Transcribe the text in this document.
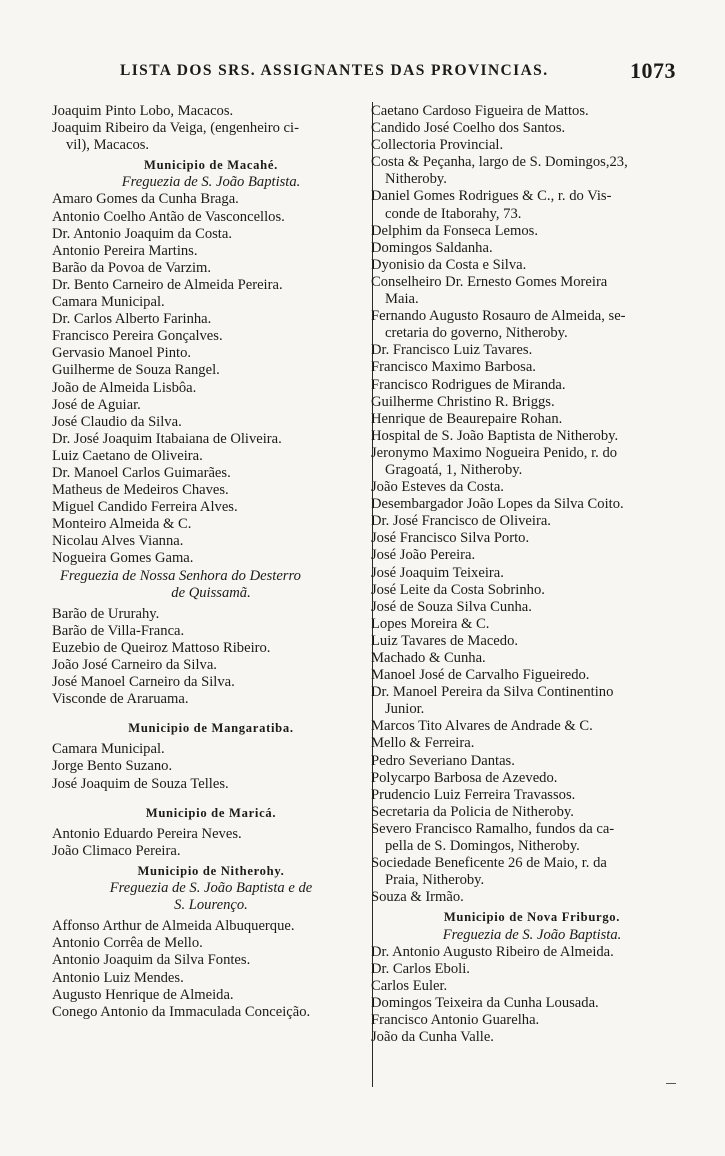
LISTA DOS SRS. ASSIGNANTES DAS PROVINCIAS.	1073
Joaquim Pinto Lobo, Macacos.
Joaquim Ribeiro da Veiga, (engenheiro ci-
vil), Macacos.
Municipio de Macahé.
Freguezia de S. João Baptista.
Amaro Gomes da Cunha Braga.
Antonio Coelho Antão de Vasconcellos.
Dr. Antonio Joaquim da Costa.
Antonio Pereira Martins.
Barão da Povoa de Varzim.
Dr. Bento Carneiro de Almeida Pereira.
Camara Municipal.
Dr. Carlos Alberto Farinha.
Francisco Pereira Gonçalves.
Gervasio Manoel Pinto.
Guilherme de Souza Rangel.
João de Almeida Lisbôa.
José de Aguiar.
José Claudio da Silva.
Dr. José Joaquim Itabaiana de Oliveira.
Luiz Caetano de Oliveira.
Dr. Manoel Carlos Guimarães.
Matheus de Medeiros Chaves.
Miguel Candido Ferreira Alves.
Monteiro Almeida & C.
Nicolau Alves Vianna.
Nogueira Gomes Gama.
Freguezia de Nossa Senhora do Desterro
de Quissamã.
Barão de Ururahy.
Barão de Villa-Franca.
Euzebio de Queiroz Mattoso Ribeiro.
João José Carneiro da Silva.
José Manoel Carneiro da Silva.
Visconde de Araruama.
Municipio de Mangaratiba.
Camara Municipal.
Jorge Bento Suzano.
José Joaquim de Souza Telles.
Municipio de Maricá.
Antonio Eduardo Pereira Neves.
João Climaco Pereira.
Municipio de Nitherohy.
Freguezia de S. João Baptista e de
S. Lourenço.
Affonso Arthur de Almeida Albuquerque.
Antonio Corrêa de Mello.
Antonio Joaquim da Silva Fontes.
Antonio Luiz Mendes.
Augusto Henrique de Almeida.
Conego Antonio da Immaculada Conceição.
Caetano Cardoso Figueira de Mattos.
Candido José Coelho dos Santos.
Collectoria Provincial.
Costa & Peçanha, largo de S. Domingos,23,
Nitheroby.
Daniel Gomes Rodrigues & C., r. do Vis-
conde de Itaborahy, 73.
Delphim da Fonseca Lemos.
Domingos Saldanha.
Dyonisio da Costa e Silva.
Conselheiro Dr. Ernesto Gomes Moreira
Maia.
Fernando Augusto Rosauro de Almeida, se-
cretaria do governo, Nitheroby.
Dr. Francisco Luiz Tavares.
Francisco Maximo Barbosa.
Francisco Rodrigues de Miranda.
Guilherme Christino R. Briggs.
Henrique de Beaurepaire Rohan.
Hospital de S. João Baptista de Nitheroby.
Jeronymo Maximo Nogueira Penido, r. do
Gragoatá, 1, Nitheroby.
João Esteves da Costa.
Desembargador João Lopes da Silva Coito.
Dr. José Francisco de Oliveira.
José Francisco Silva Porto.
José João Pereira.
José Joaquim Teixeira.
José Leite da Costa Sobrinho.
José de Souza Silva Cunha.
Lopes Moreira & C.
Luiz Tavares de Macedo.
Machado & Cunha.
Manoel José de Carvalho Figueiredo.
Dr. Manoel Pereira da Silva Continentino
Junior.
Marcos Tito Alvares de Andrade & C.
Mello & Ferreira.
Pedro Severiano Dantas.
Polycarpo Barbosa de Azevedo.
Prudencio Luiz Ferreira Travassos.
Secretaria da Policia de Nitheroby.
Severo Francisco Ramalho, fundos da ca-
pella de S. Domingos, Nitheroby.
Sociedade Beneficente 26 de Maio, r. da
Praia, Nitheroby.
Souza & Irmão.
Municipio de Nova Friburgo.
Freguezia de S. João Baptista.
Dr. Antonio Augusto Ribeiro de Almeida.
Dr. Carlos Eboli.
Carlos Euler.
Domingos Teixeira da Cunha Lousada.
Francisco Antonio Guarelha.
João da Cunha Valle.
